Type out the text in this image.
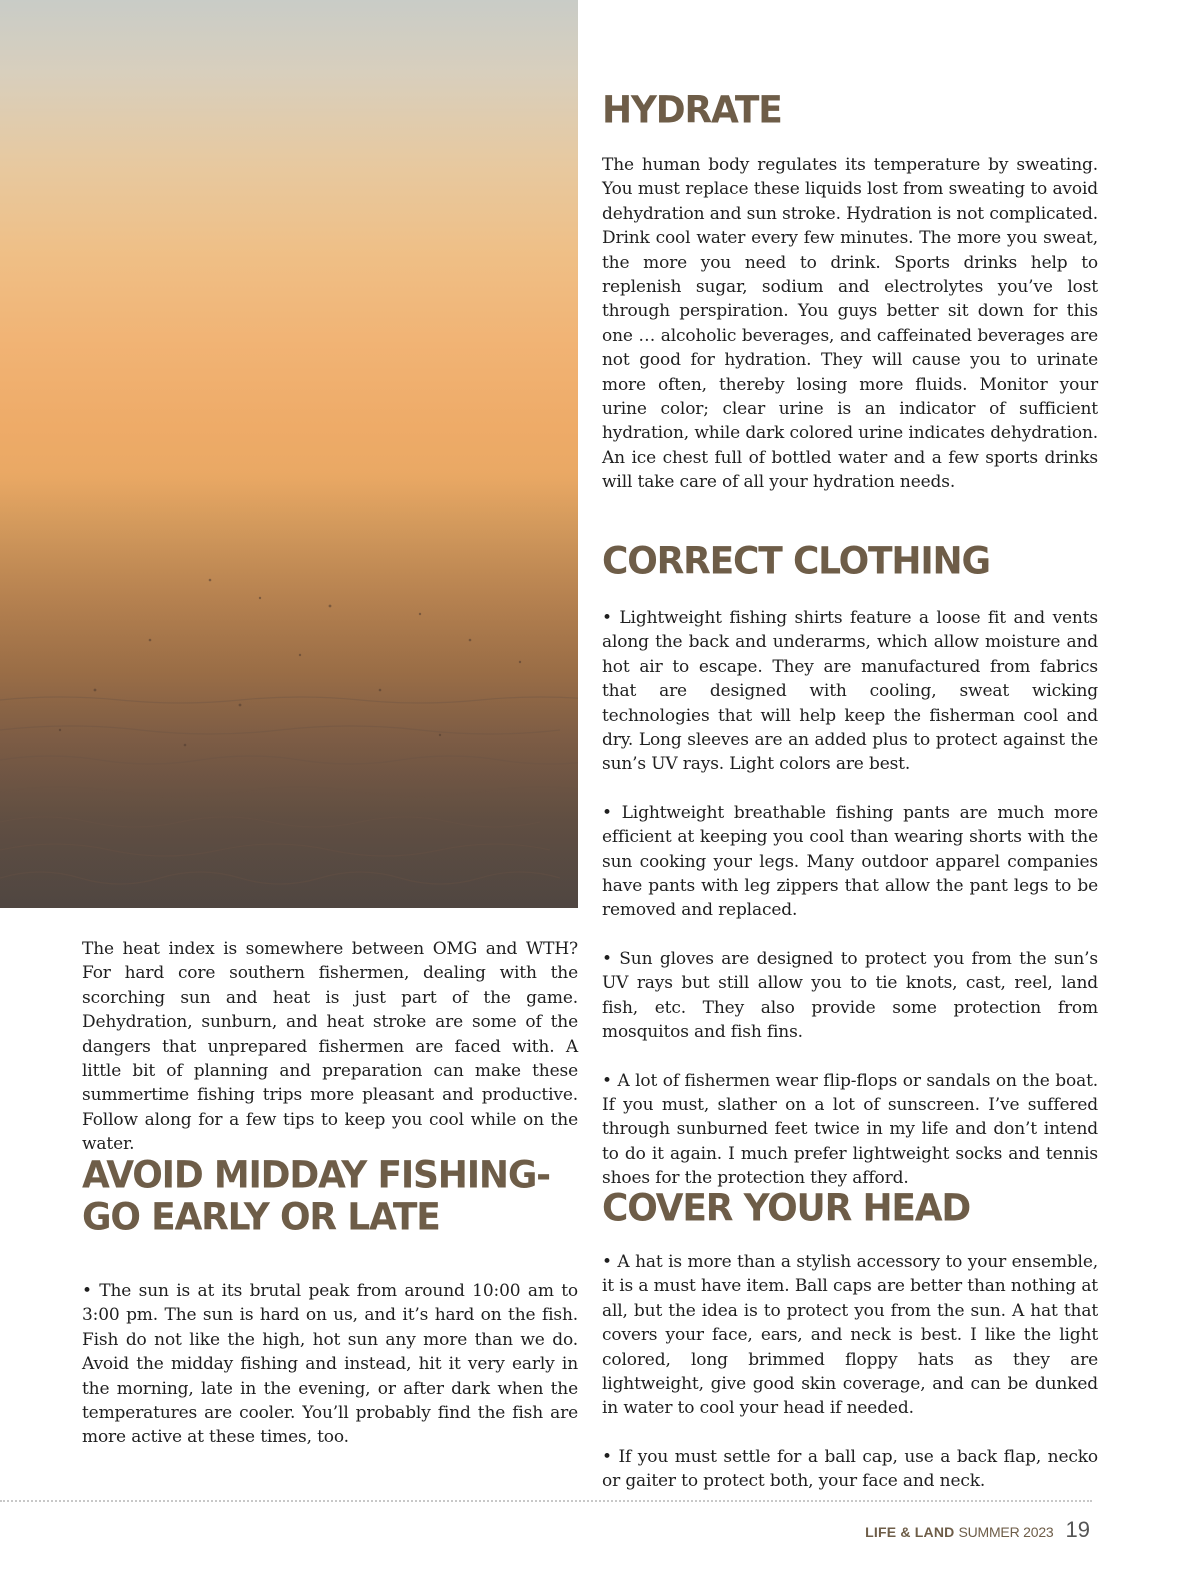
The heat index is somewhere between OMG and WTH? For hard core southern fishermen, dealing with the scorching sun and heat is just part of the game. Dehydration, sunburn, and heat stroke are some of the dangers that unprepared fishermen are faced with. A little bit of planning and preparation can make these summertime fishing trips more pleasant and productive. Follow along for a few tips to keep you cool while on the water.

AVOID MIDDAY FISHING-
GO EARLY OR LATE

• The sun is at its brutal peak from around 10:00 am to 3:00 pm. The sun is hard on us, and it’s hard on the fish. Fish do not like the high, hot sun any more than we do. Avoid the midday fishing and instead, hit it very early in the morning, late in the evening, or after dark when the temperatures are cooler. You’ll probably find the fish are more active at these times, too.

HYDRATE

The human body regulates its temperature by sweating. You must replace these liquids lost from sweating to avoid dehydration and sun stroke. Hydration is not complicated. Drink cool water every few minutes. The more you sweat, the more you need to drink. Sports drinks help to replenish sugar, sodium and electrolytes you’ve lost through perspiration. You guys better sit down for this one … alcoholic beverages, and caffeinated beverages are not good for hydration. They will cause you to urinate more often, thereby losing more fluids. Monitor your urine color; clear urine is an indicator of sufficient hydration, while dark colored urine indicates dehydration. An ice chest full of bottled water and a few sports drinks will take care of all your hydration needs.

CORRECT CLOTHING

• Lightweight fishing shirts feature a loose fit and vents along the back and underarms, which allow moisture and hot air to escape. They are manufactured from fabrics that are designed with cooling, sweat wicking technologies that will help keep the fisherman cool and dry. Long sleeves are an added plus to protect against the sun’s UV rays. Light colors are best.

• Lightweight breathable fishing pants are much more efficient at keeping you cool than wearing shorts with the sun cooking your legs. Many outdoor apparel companies have pants with leg zippers that allow the pant legs to be removed and replaced.

• Sun gloves are designed to protect you from the sun’s UV rays but still allow you to tie knots, cast, reel, land fish, etc. They also provide some protection from mosquitos and fish fins.

• A lot of fishermen wear flip-flops or sandals on the boat. If you must, slather on a lot of sunscreen. I’ve suffered through sunburned feet twice in my life and don’t intend to do it again. I much prefer lightweight socks and tennis shoes for the protection they afford.

COVER YOUR HEAD

• A hat is more than a stylish accessory to your ensemble, it is a must have item. Ball caps are better than nothing at all, but the idea is to protect you from the sun. A hat that covers your face, ears, and neck is best. I like the light colored, long brimmed floppy hats as they are lightweight, give good skin coverage, and can be dunked in water to cool your head if needed.

• If you must settle for a ball cap, use a back flap, necko or gaiter to protect both, your face and neck.

LIFE & LAND SUMMER 2023 19
